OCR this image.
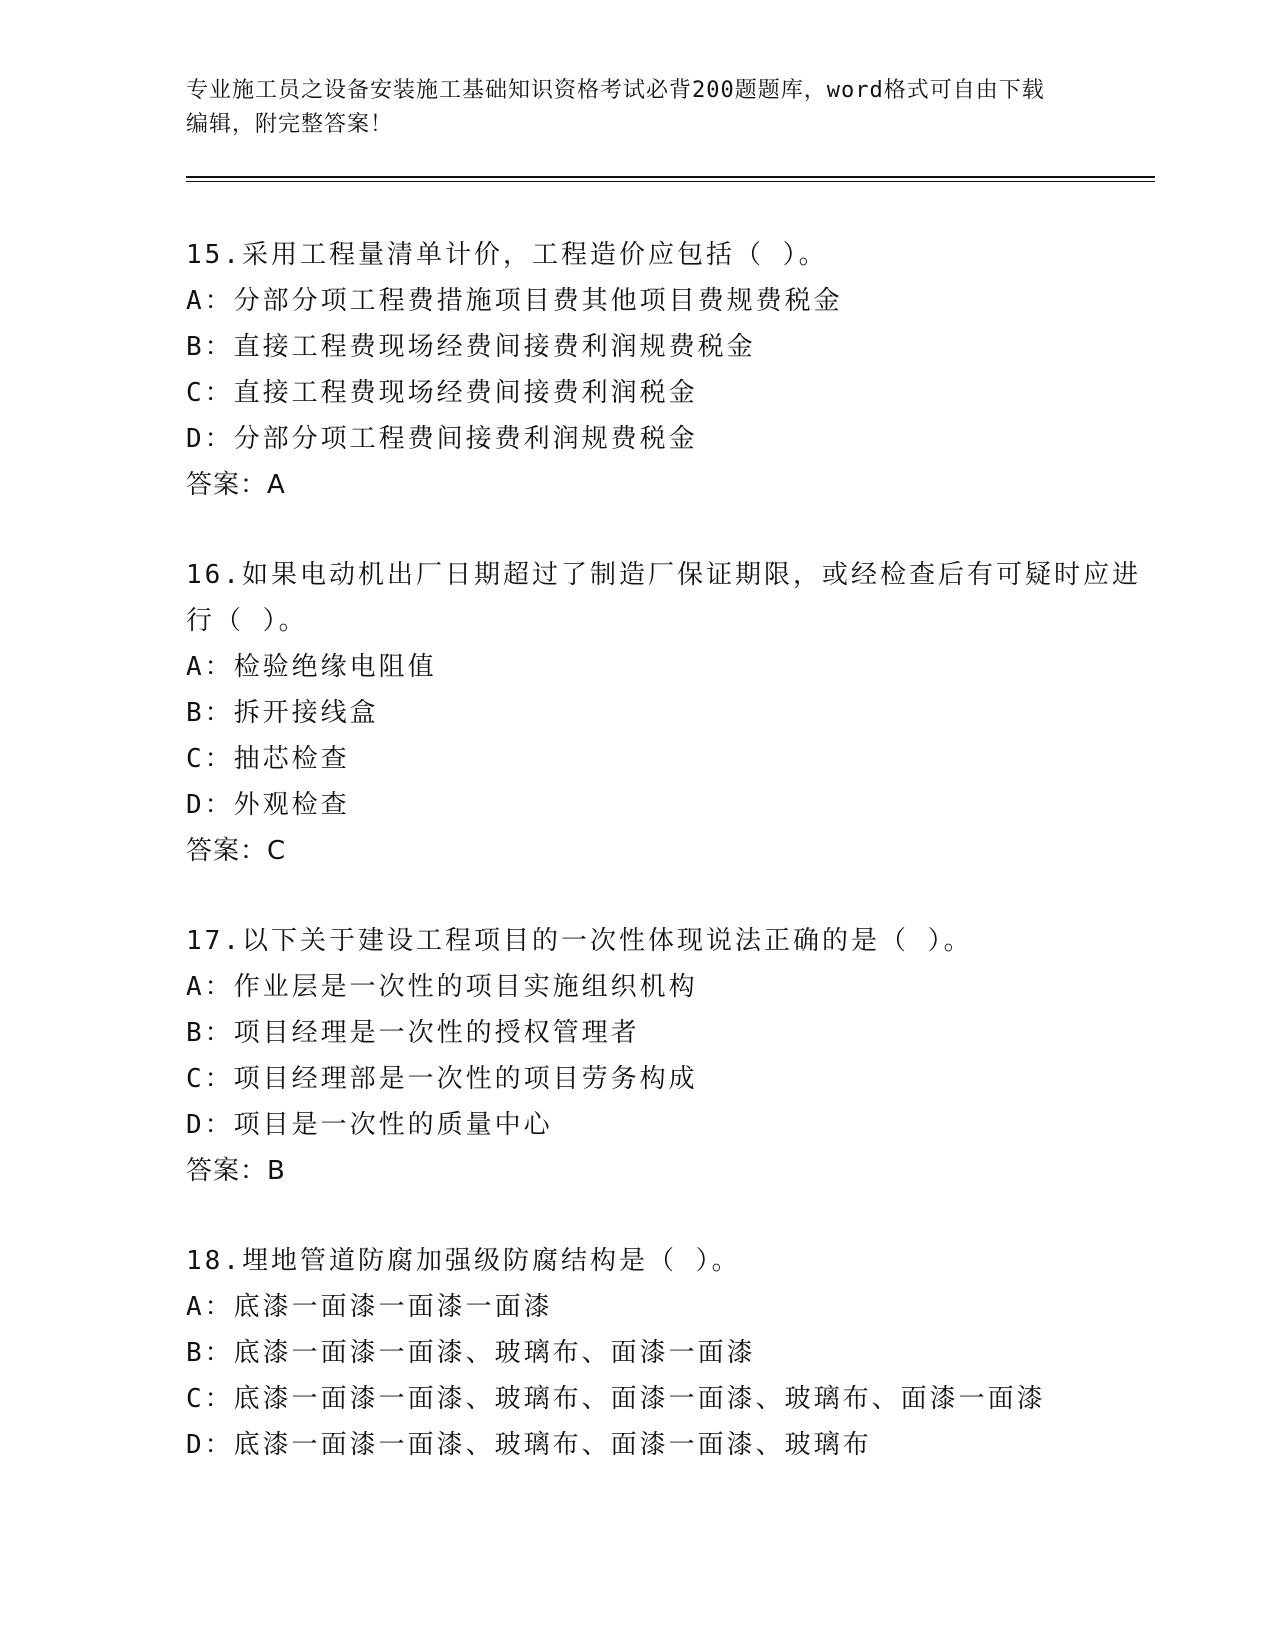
专业施工员之设备安装施工基础知识资格考试必背200题题库，word格式可自由下载编辑，附完整答案！

15.采用工程量清单计价，工程造价应包括（ ）。

A：分部分项工程费措施项目费其他项目费规费税金

B：直接工程费现场经费间接费利润规费税金

C：直接工程费现场经费间接费利润税金

D：分部分项工程费间接费利润规费税金

答案：A

16.如果电动机出厂日期超过了制造厂保证期限，或经检查后有可疑时应进行（ ）。

A：检验绝缘电阻值

B：拆开接线盒

C：抽芯检查

D：外观检查

答案：C

17.以下关于建设工程项目的一次性体现说法正确的是（ ）。

A：作业层是一次性的项目实施组织机构

B：项目经理是一次性的授权管理者

C：项目经理部是一次性的项目劳务构成

D：项目是一次性的质量中心

答案：B

18.埋地管道防腐加强级防腐结构是（ ）。

A：底漆一面漆一面漆一面漆

B：底漆一面漆一面漆、玻璃布、面漆一面漆

C：底漆一面漆一面漆、玻璃布、面漆一面漆、玻璃布、面漆一面漆

D：底漆一面漆一面漆、玻璃布、面漆一面漆、玻璃布
